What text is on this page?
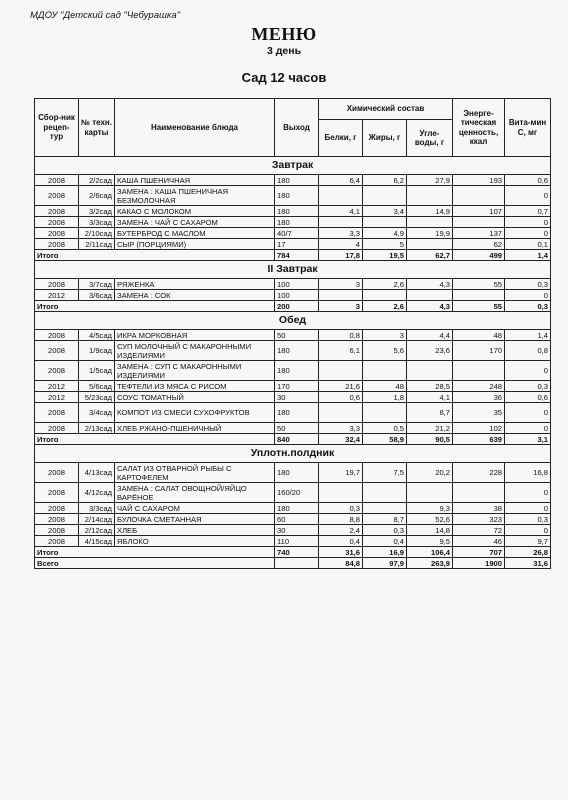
МДОУ "Детский сад "Чебурашка"
МЕНЮ
3 день
Сад 12 часов
Сбор-ник рецеп-тур	№ техн. карты	Наименование блюда	Выход	Химический состав			Энерге-тическая ценность, ккал	Вита-мин С, мг
				Белки, г	Жиры, г	Угле-воды, г		
Завтрак								
2008	2/2сад	КАША ПШЕНИЧНАЯ	180	6,4	6,2	27,9	193	0,6
2008	2/6сад	ЗАМЕНА : КАША ПШЕНИЧНАЯ БЕЗМОЛОЧНАЯ	180					0
2008	3/2сад	КАКАО С МОЛОКОМ	180	4,1	3,4	14,9	107	0,7
2008	3/3сад	ЗАМЕНА : ЧАЙ С САХАРОМ	180					0
2008	2/10сад	БУТЕРБРОД С МАСЛОМ	40/7	3,3	4,9	19,9	137	0
2008	2/11сад	СЫР (ПОРЦИЯМИ)	17	4	5		62	0,1
Итого			784	17,8	19,5	62,7	499	1,4
II Завтрак								
2008	3/7сад	РЯЖЕНКА	100	3	2,6	4,3	55	0,3
2012	3/6сад	ЗАМЕНА : СОК	100					0
Итого			200	3	2,6	4,3	55	0,3
Обед								
2008	4/5сад	ИКРА МОРКОВНАЯ	50	0,8	3	4,4	48	1,4
2008	1/9сад	СУП МОЛОЧНЫЙ С МАКАРОННЫМИ ИЗДЕЛИЯМИ	180	6,1	5,6	23,6	170	0,8
2008	1/5сад	ЗАМЕНА : СУП С МАКАРОННЫМИ ИЗДЕЛИЯМИ	180					0
2012	5/6сад	ТЕФТЕЛИ ИЗ МЯСА С РИСОМ	170	21,6	48	28,5	248	0,3
2012	5/23сад	СОУС ТОМАТНЫЙ	30	0,6	1,8	4,1	36	0,6
2008	3/4сад	КОМПОТ ИЗ СМЕСИ СУХОФРУКТОВ	180			8,7	35	0
2008	2/13сад	ХЛЕБ РЖАНО-ПШЕНИЧНЫЙ	50	3,3	0,5	21,2	102	0
Итого			840	32,4	58,9	90,5	639	3,1
Уплотн.полдник								
2008	4/13сад	САЛАТ ИЗ ОТВАРНОЙ РЫБЫ С КАРТОФЕЛЕМ	180	19,7	7,5	20,2	228	16,8
2008	4/12сад	ЗАМЕНА : САЛАТ ОВОЩНОЙ/ЯЙЦО ВАРЁНОЕ	160/20					0
2008	3/3сад	ЧАЙ С САХАРОМ	180	0,3		9,3	38	0
2008	2/14сад	БУЛОЧКА СМЕТАННАЯ	60	8,8	8,7	52,6	323	0,3
2008	2/12сад	ХЛЕБ	30	2,4	0,3	14,8	72	0
2008	4/15сад	ЯБЛОКО	110	0,4	0,4	9,5	46	9,7
Итого			740	31,6	16,9	106,4	707	26,8
Всего				84,8	97,9	263,9	1900	31,6
